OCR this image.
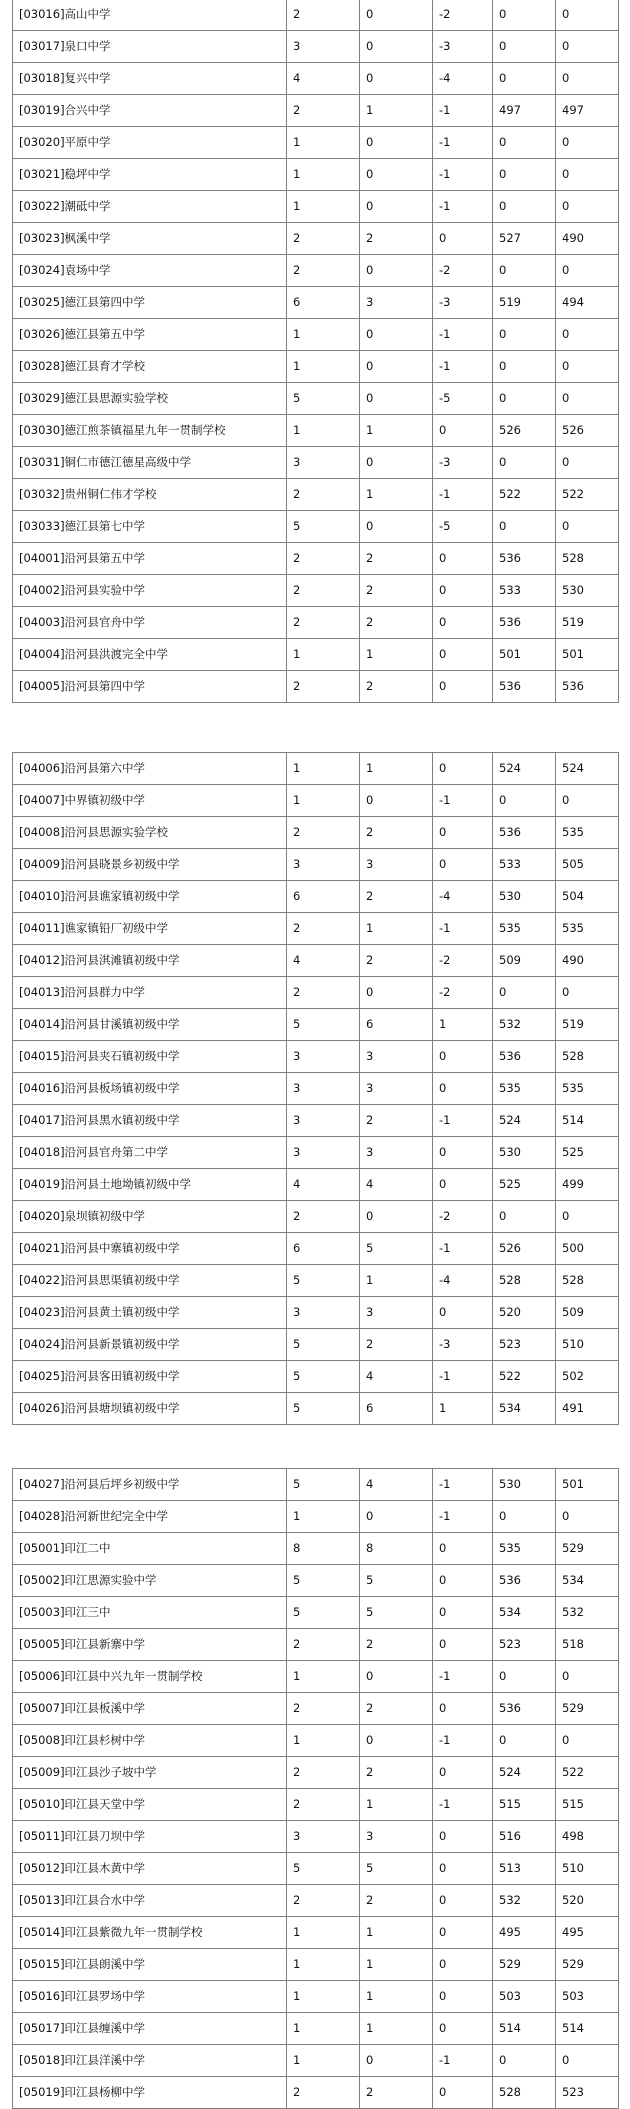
[03016]高山中学	2	0	-2	0	0
[03017]泉口中学	3	0	-3	0	0
[03018]复兴中学	4	0	-4	0	0
[03019]合兴中学	2	1	-1	497	497
[03020]平原中学	1	0	-1	0	0
[03021]稳坪中学	1	0	-1	0	0
[03022]潮砥中学	1	0	-1	0	0
[03023]枫溪中学	2	2	0	527	490
[03024]袁场中学	2	0	-2	0	0
[03025]德江县第四中学	6	3	-3	519	494
[03026]德江县第五中学	1	0	-1	0	0
[03028]德江县育才学校	1	0	-1	0	0
[03029]德江县思源实验学校	5	0	-5	0	0
[03030]德江煎茶镇福星九年一贯制学校	1	1	0	526	526
[03031]铜仁市德江德星高级中学	3	0	-3	0	0
[03032]贵州铜仁伟才学校	2	1	-1	522	522
[03033]德江县第七中学	5	0	-5	0	0
[04001]沿河县第五中学	2	2	0	536	528
[04002]沿河县实验中学	2	2	0	533	530
[04003]沿河县官舟中学	2	2	0	536	519
[04004]沿河县洪渡完全中学	1	1	0	501	501
[04005]沿河县第四中学	2	2	0	536	536
[04006]沿河县第六中学	1	1	0	524	524
[04007]中界镇初级中学	1	0	-1	0	0
[04008]沿河县思源实验学校	2	2	0	536	535
[04009]沿河县晓景乡初级中学	3	3	0	533	505
[04010]沿河县谯家镇初级中学	6	2	-4	530	504
[04011]谯家镇铅厂初级中学	2	1	-1	535	535
[04012]沿河县淇滩镇初级中学	4	2	-2	509	490
[04013]沿河县群力中学	2	0	-2	0	0
[04014]沿河县甘溪镇初级中学	5	6	1	532	519
[04015]沿河县夹石镇初级中学	3	3	0	536	528
[04016]沿河县板场镇初级中学	3	3	0	535	535
[04017]沿河县黑水镇初级中学	3	2	-1	524	514
[04018]沿河县官舟第二中学	3	3	0	530	525
[04019]沿河县土地坳镇初级中学	4	4	0	525	499
[04020]泉坝镇初级中学	2	0	-2	0	0
[04021]沿河县中寨镇初级中学	6	5	-1	526	500
[04022]沿河县思渠镇初级中学	5	1	-4	528	528
[04023]沿河县黄土镇初级中学	3	3	0	520	509
[04024]沿河县新景镇初级中学	5	2	-3	523	510
[04025]沿河县客田镇初级中学	5	4	-1	522	502
[04026]沿河县塘坝镇初级中学	5	6	1	534	491
[04027]沿河县后坪乡初级中学	5	4	-1	530	501
[04028]沿河新世纪完全中学	1	0	-1	0	0
[05001]印江二中	8	8	0	535	529
[05002]印江思源实验中学	5	5	0	536	534
[05003]印江三中	5	5	0	534	532
[05005]印江县新寨中学	2	2	0	523	518
[05006]印江县中兴九年一贯制学校	1	0	-1	0	0
[05007]印江县板溪中学	2	2	0	536	529
[05008]印江县杉树中学	1	0	-1	0	0
[05009]印江县沙子坡中学	2	2	0	524	522
[05010]印江县天堂中学	2	1	-1	515	515
[05011]印江县刀坝中学	3	3	0	516	498
[05012]印江县木黄中学	5	5	0	513	510
[05013]印江县合水中学	2	2	0	532	520
[05014]印江县紫微九年一贯制学校	1	1	0	495	495
[05015]印江县朗溪中学	1	1	0	529	529
[05016]印江县罗场中学	1	1	0	503	503
[05017]印江县缠溪中学	1	1	0	514	514
[05018]印江县洋溪中学	1	0	-1	0	0
[05019]印江县杨柳中学	2	2	0	528	523
